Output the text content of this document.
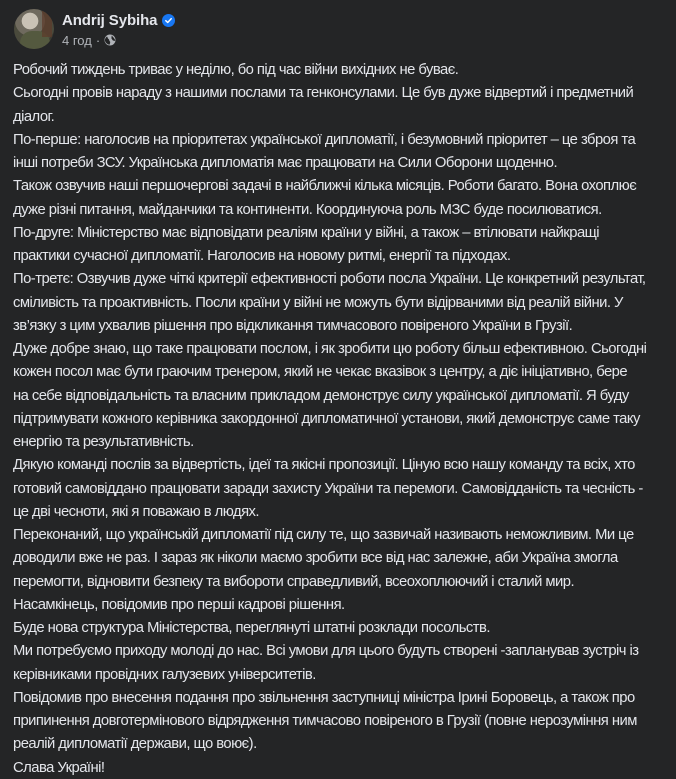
Andrij Sybiha
4 год ·
Робочий тиждень триває у неділю, бо під час війни вихідних не буває.
Сьогодні провів нараду з нашими послами та генконсулами. Це був дуже відвертий і предметний
діалог.
По-перше: наголосив на пріоритетах української дипломатії, і безумовний пріоритет – це зброя та
інші потреби ЗСУ. Українська дипломатія має працювати на Сили Оборони щоденно.
Також озвучив наші першочергові задачі в найближчі кілька місяців. Роботи багато. Вона охоплює
дуже різні питання, майданчики та континенти. Координуюча роль МЗС буде посилюватися.
По-друге: Міністерство має відповідати реаліям країни у війні, а також – втілювати найкращі
практики сучасної дипломатії. Наголосив на новому ритмі, енергії та підходах.
По-третє: Озвучив дуже чіткі критерії ефективності роботи посла України. Це конкретний результат,
сміливість та проактивність. Посли країни у війні не можуть бути відірваними від реалій війни. У
зв’язку з цим ухвалив рішення про відкликання тимчасового повіреного України в Грузії.
Дуже добре знаю, що таке працювати послом, і як зробити цю роботу більш ефективною. Сьогодні
кожен посол має бути граючим тренером, який не чекає вказівок з центру, а діє ініціативно, бере
на себе відповідальність та власним прикладом демонструє силу української дипломатії. Я буду
підтримувати кожного керівника закордонної дипломатичної установи, який демонструє саме таку
енергію та результативність.
Дякую команді послів за відвертість, ідеї та якісні пропозиції. Ціную всю нашу команду та всіх, хто
готовий самовіддано працювати заради захисту України та перемоги. Самовідданість та чесність -
це дві чесноти, які я поважаю в людях.
Переконаний, що українській дипломатії під силу те, що зазвичай називають неможливим. Ми це
доводили вже не раз. І зараз як ніколи маємо зробити все від нас залежне, аби Україна змогла
перемогти, відновити безпеку та вибороти справедливий, всеохоплюючий і сталий мир.
Насамкінець, повідомив про перші кадрові рішення.
Буде нова структура Міністерства, переглянуті штатні розклади посольств.
Ми потребуємо приходу молоді до нас. Всі умови для цього будуть створені -запланував зустріч із
керівниками провідних галузевих університетів.
Повідомив про внесення подання про звільнення заступниці міністра Ірині Боровець, а також про
припинення довготермінового відрядження тимчасово повіреного в Грузії (повне нерозуміння ним
реалій дипломатії держави, що воює).
Слава Україні!
